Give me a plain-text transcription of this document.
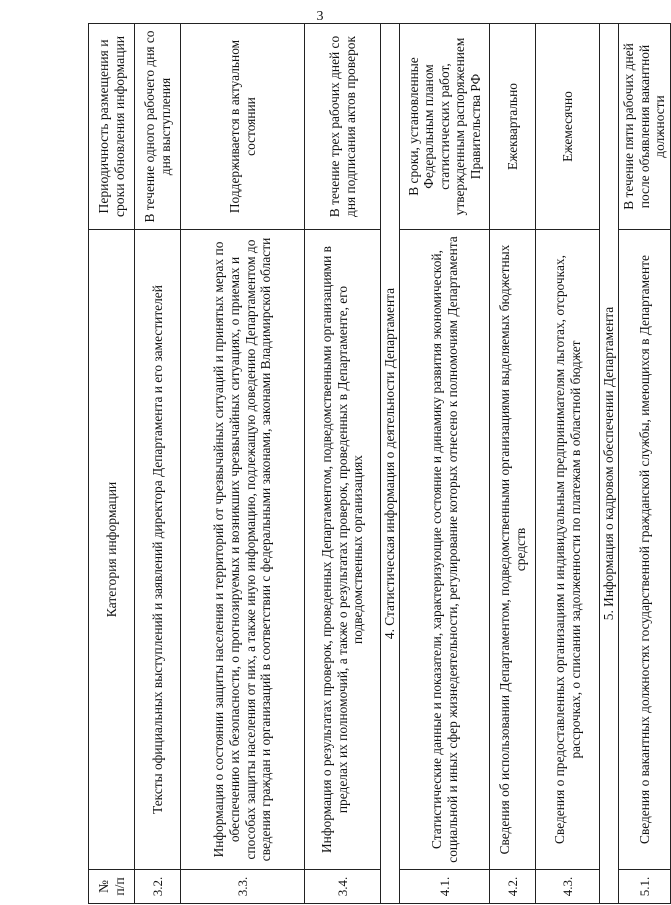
3
№ п/п	Категория информации	Периодичность размещения и сроки обновления информации
3.2.	Тексты официальных выступлений и заявлений директора Департамента и его заместителей	В течение одного рабочего дня со дня выступления
3.3.	Информация о состоянии защиты населения и территорий от чрезвычайных ситуаций и принятых мерах по обеспечению их безопасности, о прогнозируемых и возникших чрезвычайных ситуациях, о приемах и способах защиты населения от них, а также иную информацию, подлежащую доведению Департаментом до сведения граждан и организаций в соответствии с федеральными законами, законами Владимирской области	Поддерживается в актуальном состоянии
3.4.	Информация о результатах проверок, проведенных Департаментом, подведомственными организациями в пределах их полномочий, а также о результатах проверок, проведенных в Департаменте, его подведомственных организациях	В течение трех рабочих дней со дня подписания актов проверок
4. Статистическая информация о деятельности Департамента		
4.1.	Статистические данные и показатели, характеризующие состояние и динамику развития экономической, социальной и иных сфер жизнедеятельности, регулирование которых отнесено к полномочиям Департамента	В сроки, установленные Федеральным планом статистических работ, утвержденным распоряжением Правительства РФ
4.2.	Сведения об использовании Департаментом, подведомственными организациями выделяемых бюджетных средств	Ежеквартально
4.3.	Сведения о предоставленных организациям и индивидуальным предпринимателям льготах, отсрочках, рассрочках, о списании задолженности по платежам в областной бюджет	Ежемесячно
5. Информация о кадровом обеспечении Департамента		
5.1.	Сведения о вакантных должностях государственной гражданской службы, имеющихся в Департаменте	В течение пяти рабочих дней после объявления вакантной должности
